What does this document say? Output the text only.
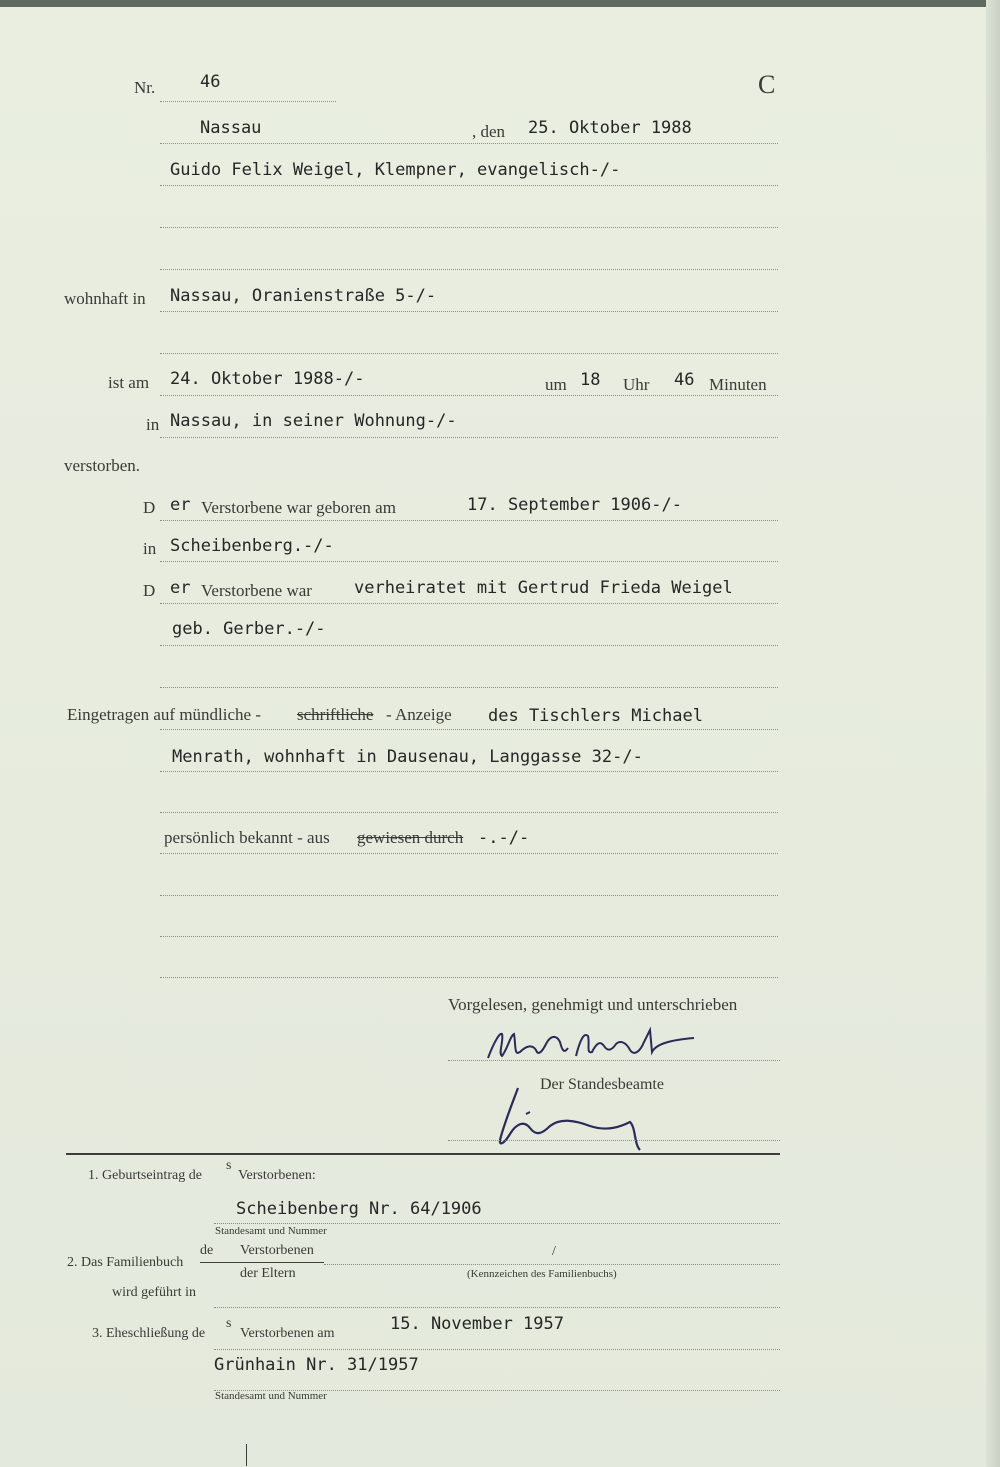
Nr.	46	C
Nassau	, den 25. Oktober 1988
Guido Felix Weigel, Klempner, evangelisch-/-
wohnhaft in Nassau, Oranienstraße 5-/-
ist am 24. Oktober 1988-/-	um 18 Uhr 46 Minuten
in Nassau, in seiner Wohnung-/-
verstorben.
D er Verstorbene war geboren am	17. September 1906-/-
in Scheibenberg.-/-
D er Verstorbene war verheiratet mit Gertrud Frieda Weigel
geb. Gerber.-/-
Eingetragen auf mündliche - schriftliche - Anzeige des Tischlers Michael
Menrath, wohnhaft in Dausenau, Langgasse 32-/-
persönlich bekannt - aus gewiesen durch -.-/-
Vorgelesen, genehmigt und unterschrieben
Der Standesbeamte
1. Geburtseintrag de
s
Verstorbenen:
Scheibenberg Nr. 64/1906
Standesamt und Nummer
2. Das Familienbuch
de Verstorbenen
der Eltern
/
(Kennzeichen des Familienbuchs)
wird geführt in
3. Eheschließung de
s
Verstorbenen am	15. November 1957
Grünhain Nr. 31/1957
Standesamt und Nummer
